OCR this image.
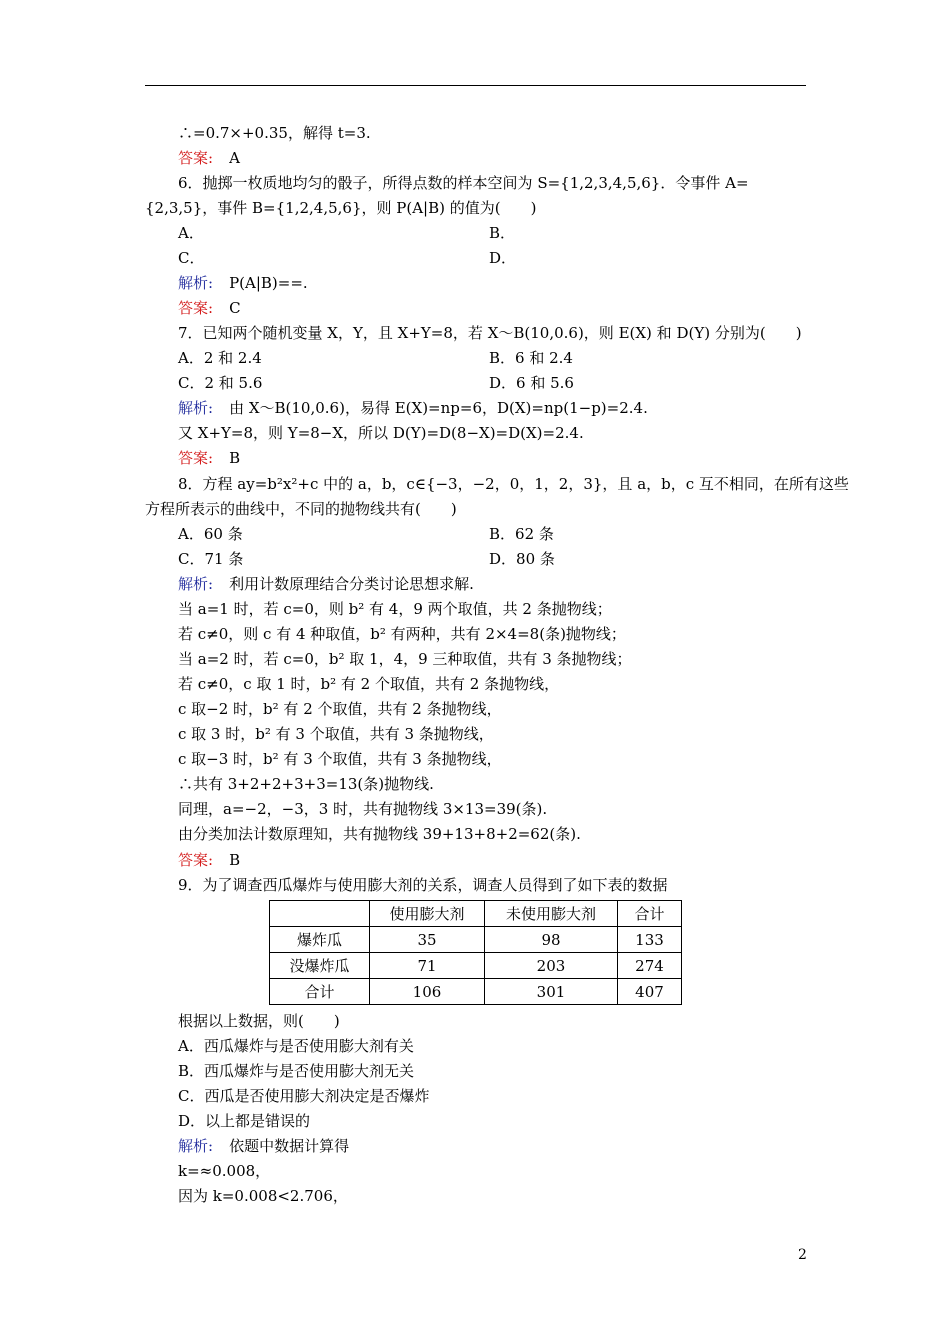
∴=0.7×+0.35，解得 t=3.
答案: A
6．抛掷一枚质地均匀的骰子，所得点数的样本空间为 S={1,2,3,4,5,6}．令事件 A=
{2,3,5}，事件 B={1,2,4,5,6}，则 P(A|B) 的值为(　　)
A．	B．
C．	D．
解析: P(A|B)==.
答案: C
7．已知两个随机变量 X，Y，且 X+Y=8，若 X～B(10,0.6)，则 E(X) 和 D(Y) 分别为(　　)
A．2 和 2.4	B．6 和 2.4
C．2 和 5.6	D．6 和 5.6
解析: 由 X～B(10,0.6)，易得 E(X)=np=6，D(X)=np(1−p)=2.4.
又 X+Y=8，则 Y=8−X，所以 D(Y)=D(8−X)=D(X)=2.4.
答案: B
8．方程 ay=b²x²+c 中的 a，b，c∈{−3，−2，0，1，2，3}，且 a，b，c 互不相同，在所有这些
方程所表示的曲线中，不同的抛物线共有(　　)
A．60 条	B．62 条
C．71 条	D．80 条
解析: 利用计数原理结合分类讨论思想求解.
当 a=1 时，若 c=0，则 b² 有 4，9 两个取值，共 2 条抛物线；
若 c≠0，则 c 有 4 种取值，b² 有两种，共有 2×4=8(条)抛物线；
当 a=2 时，若 c=0，b² 取 1，4，9 三种取值，共有 3 条抛物线；
若 c≠0，c 取 1 时，b² 有 2 个取值，共有 2 条抛物线，
c 取−2 时，b² 有 2 个取值，共有 2 条抛物线，
c 取 3 时，b² 有 3 个取值，共有 3 条抛物线，
c 取−3 时，b² 有 3 个取值，共有 3 条抛物线，
∴共有 3+2+2+3+3=13(条)抛物线.
同理，a=−2，−3，3 时，共有抛物线 3×13=39(条).
由分类加法计数原理知，共有抛物线 39+13+8+2=62(条).
答案: B
9．为了调查西瓜爆炸与使用膨大剂的关系，调查人员得到了如下表的数据
	使用膨大剂	未使用膨大剂	合计
爆炸瓜	35	98	133
没爆炸瓜	71	203	274
合计	106	301	407
根据以上数据，则(　　)
A．西瓜爆炸与是否使用膨大剂有关
B．西瓜爆炸与是否使用膨大剂无关
C．西瓜是否使用膨大剂决定是否爆炸
D．以上都是错误的
解析: 依题中数据计算得
k=≈0.008，
因为 k=0.008<2.706，
2
